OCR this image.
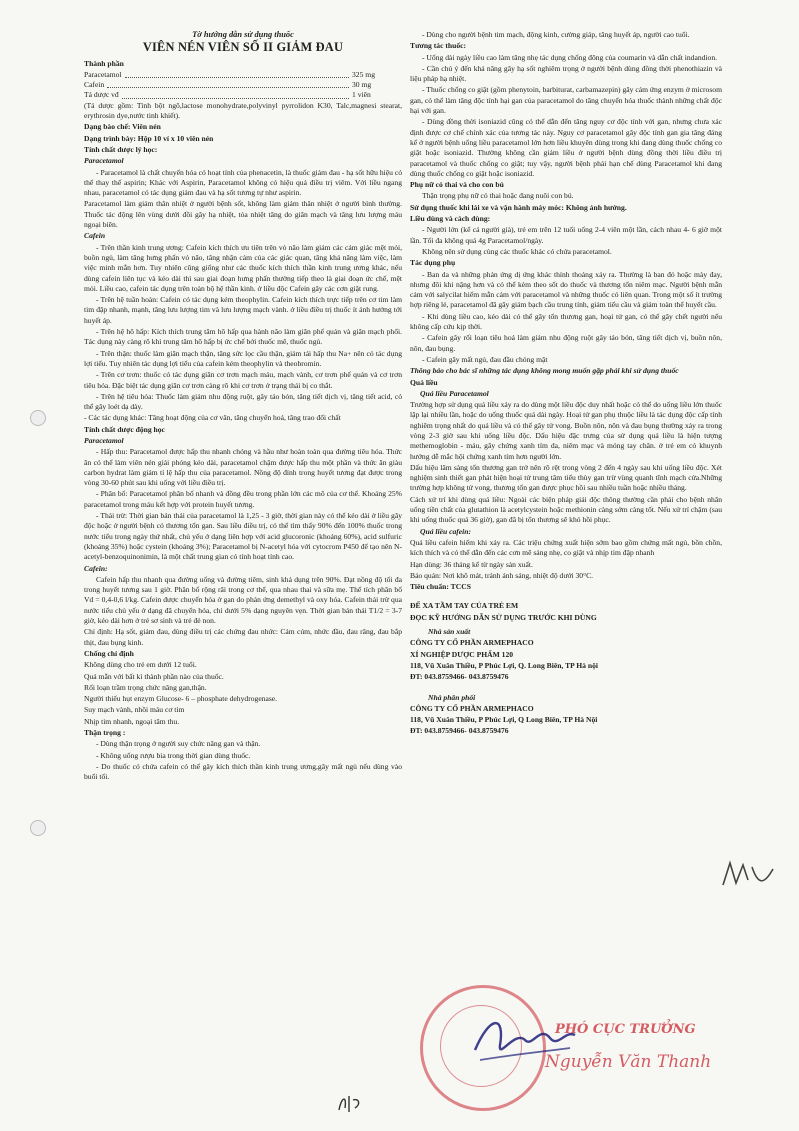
Tờ hướng dẫn sử dụng thuốc
VIÊN NÉN VIÊN SỐ II GIẢM ĐAU

Thành phần

Paracetamol	325 mg
Cafein	30 mg
Tá dược vđ	1 viên

(Tá dược gồm: Tinh bột ngô,lactose monohydrate,polyvinyl pyrrolidon K30, Talc,magnesi stearat, erythrosin dye,nước tinh khiết).

Dạng bào chế: Viên nén

Dạng trình bày: Hộp 10 vỉ x 10 viên nén

Tính chất dược lý học:

Paracetamol

- Paracetamol là chất chuyển hóa có hoạt tính của phenacetin, là thuốc giảm đau - hạ sốt hữu hiệu có thể thay thế aspirin; Khác với Aspirin, Paracetamol không có hiệu quả điều trị viêm. Với liều ngang nhau, paracetamol có tác dụng giảm đau và hạ sốt tương tự như aspirin.

Paracetamol làm giảm thân nhiệt ở người bệnh sốt, không làm giảm thân nhiệt ở người bình thường. Thuốc tác động lên vùng dưới đồi gây hạ nhiệt, tỏa nhiệt tăng do giãn mạch và tăng lưu lượng máu ngoại biên.

Cafein

- Trên thần kinh trung ương: Cafein kích thích ưu tiên trên vỏ não làm giảm các cảm giác mệt mỏi, buồn ngủ, làm tăng hưng phấn vỏ não, tăng nhận cảm của các giác quan, tăng khả năng làm việc, làm việc minh mẫn hơn. Tuy nhiên cũng giống như các thuốc kích thích thần kinh trung ương khác, nếu dùng cafein liên tục và kéo dài thì sau giai đoạn hưng phấn thường tiếp theo là giai đoạn ức chế, mệt mỏi. Liều cao, cafein tác dụng trên toàn bộ hệ thần kinh. ở liều độc Cafein gây các cơn giật rung.

- Trên hệ tuần hoàn: Cafein có tác dụng kém theophylin. Cafein kích thích trực tiếp trên cơ tim làm tim đập nhanh, mạnh, tăng lưu lượng tim và lưu lượng mạch vành. ở liều điều trị thuốc ít ảnh hưởng tới huyết áp.

- Trên hệ hô hấp: Kích thích trung tâm hô hấp qua hành não làm giãn phế quản và giãn mạch phổi. Tác dụng này càng rõ khi trung tâm hô hấp bị ức chế bởi thuốc mê, thuốc ngủ.

- Trên thận: thuốc làm giãn mạch thận, tăng sức lọc cầu thận, giảm tái hấp thu Na+ nên có tác dụng lợi tiểu. Tuy nhiên tác dụng lợi tiểu của cafein kém theophylin và theobromin.

- Trên cơ trơn: thuốc có tác dụng giãn cơ trơn mạch máu, mạch vành, cơ trơn phế quản và cơ trơn tiêu hóa. Đặc biệt tác dụng giãn cơ trơn càng rõ khi cơ trơn ở trạng thái bị co thắt.

- Trên hệ tiêu hóa: Thuốc làm giảm nhu động ruột, gây táo bón, tăng tiết dịch vị, tăng tiết acid, có thể gây loét dạ dày.

- Các tác dụng khác: Tăng hoạt động của cơ vân, tăng chuyển hoá, tăng trao đổi chất

Tính chất dược động học

Paracetamol

- Hấp thu: Paracetamol được hấp thu nhanh chóng và hầu như hoàn toàn qua đường tiêu hóa. Thức ăn có thể làm viên nén giải phóng kéo dài, paracetamol chậm được hấp thu một phần và thức ăn giàu carbon hydrat làm giảm tỉ lệ hấp thu của paracetamol. Nồng độ đỉnh trong huyết tương đạt được trong vòng 30-60 phút sau khi uống với liều điều trị.

- Phân bố: Paracetamol phân bố nhanh và đồng đều trong phần lớn các mô của cơ thể. Khoảng 25% paracetamol trong máu kết hợp với protein huyết tương.

- Thải trừ: Thời gian bán thải của paracetamol là 1,25 - 3 giờ, thời gian này có thể kéo dài ở liều gây độc hoặc ở người bệnh có thương tổn gan. Sau liều điều trị, có thể tìm thấy 90% đến 100% thuốc trong nước tiểu trong ngày thứ nhất, chủ yếu ở dạng liên hợp với acid glucoronic (khoảng 60%), acid sulfuric (khoảng 35%) hoặc cystein (khoảng 3%); Paracetamol bị N-acetyl hóa với cytocrom P450 để tạo nên N-acetyl-benzoquinonimin, là một chất trung gian có tính hoạt tính cao.

Cafein:

Cafein hấp thu nhanh qua đường uống và đường tiêm, sinh khả dụng trên 90%. Đạt nồng độ tối đa trong huyết tương sau 1 giờ. Phân bố rộng rãi trong cơ thể, qua nhau thai và sữa mẹ. Thể tích phân bố Vd = 0,4-0,6 l/kg. Cafein được chuyển hóa ở gan do phản ứng demethyl và oxy hóa. Cafein thải trừ qua nước tiểu chủ yếu ở dạng đã chuyển hóa, chỉ dưới 5% dạng nguyên vẹn. Thời gian bán thải T1/2 = 3-7 giờ, kéo dài hơn ở trẻ sơ sinh và trẻ đẻ non.

Chỉ định: Hạ sốt, giảm đau, dùng điều trị các chứng đau nhức: Cảm cúm, nhức đầu, đau răng, đau bắp thịt, đau bụng kinh.

Chống chỉ định

Không dùng cho trẻ em dưới 12 tuổi.

Quá mẫn với bất kì thành phần nào của thuốc.

Rối loạn trầm trọng chức năng gan,thận.

Người thiếu hụt enzym Glucose- 6 – phosphate dehydrogenase.

Suy mạch vành, nhồi máu cơ tim

Nhịp tim nhanh, ngoại tâm thu.

Thận trọng :

- Dùng thận trọng ở người suy chức năng gan và thận.

- Không uống rượu bia trong thời gian dùng thuốc.

- Do thuốc có chứa cafein có thể gây kích thích thần kinh trung ương,gây mất ngủ nếu dùng vào buổi tối.

- Dùng cho người bệnh tim mạch, động kinh, cường giáp, tăng huyết áp, người cao tuổi.

Tương tác thuốc:

- Uống dài ngày liều cao làm tăng nhẹ tác dụng chống đông của coumarin và dẫn chất indandion.

- Cần chú ý đến khả năng gây hạ sốt nghiêm trọng ở người bệnh dùng đồng thời phenothiazin và liệu pháp hạ nhiệt.

- Thuốc chống co giật (gồm phenytoin, barbiturat, carbamazepin) gây cảm ứng enzym ở microsom gan, có thể làm tăng độc tính hại gan của paracetamol do tăng chuyển hóa thuốc thành những chất độc hại với gan.

- Dùng đồng thời isoniazid cũng có thể dẫn đến tăng nguy cơ độc tính với gan, nhưng chưa xác định được cơ chế chính xác của tương tác này. Nguy cơ paracetamol gây độc tính gan gia tăng đáng kể ở người bệnh uống liều paracetamol lớn hơn liều khuyên dùng trong khi đang dùng thuốc chống co giật hoặc isoniazid. Thường không cần giảm liều ở người bệnh dùng đồng thời liều điều trị paracetamol và thuốc chống co giật; tuy vậy, người bệnh phải hạn chế dùng Paracetamol khi đang dùng thuốc chống co giật hoặc isoniazid.

Phụ nữ có thai và cho con bú

Thận trọng phụ nữ có thai hoặc đang nuôi con bú.

Sử dụng thuốc khi lái xe và vận hành máy móc: Không ảnh hưởng.

Liều dùng và cách dùng:

- Người lớn (kể cả người già), trẻ em trên 12 tuổi uống 2-4 viên một lần, cách nhau 4- 6 giờ một lần. Tối đa không quá 4g Paracetamol/ngày.

Không nên sử dụng cùng các thuốc khác có chứa paracetamol.

Tác dụng phụ

- Ban da và những phản ứng dị ứng khác thỉnh thoảng xảy ra. Thường là ban đỏ hoặc mày đay, nhưng đôi khi nặng hơn và có thể kèm theo sốt do thuốc và thương tổn niêm mạc. Người bệnh mẫn cảm với salycilat hiếm mẫn cảm với paracetamol và những thuốc có liên quan. Trong một số ít trường hợp riêng lẻ, paracetamol đã gây giảm bạch cầu trung tính, giảm tiểu cầu và giảm toàn thể huyết cầu.

- Khi dùng liều cao, kéo dài có thể gây tổn thương gan, hoại tử gan, có thể gây chết người nếu không cấp cứu kịp thời.

- Cafein gây rối loạn tiêu hoá làm giảm nhu động ruột gây táo bón, tăng tiết dịch vị, buồn nôn, nôn, đau bụng.

- Cafein gây mất ngủ, đau đầu chóng mặt

Thông báo cho bác sĩ những tác dụng không mong muốn gặp phải khi sử dụng thuốc

Quá liều

Quá liều Paracetamol

Trường hợp sử dụng quá liều xảy ra do dùng một liều độc duy nhất hoặc có thể do uống liều lớn thuốc lặp lại nhiều lần, hoặc do uống thuốc quá dài ngày. Hoại tử gan phụ thuộc liều là tác dụng độc cấp tính nghiêm trọng nhất do quá liều và có thể gây tử vong. Buồn nôn, nôn và đau bụng thường xảy ra trong vòng 2-3 giờ sau khi uống liều độc. Dấu hiệu đặc trưng của sử dụng quá liều là hiện tượng methemoglobin - máu, gây chứng xanh tím da, niêm mạc và móng tay chân. ở trẻ em có khuynh hướng dễ mắc hội chứng xanh tím hơn người lớn.

Dấu hiệu lâm sàng tổn thương gan trở nên rõ rệt trong vòng 2 đến 4 ngày sau khi uống liều độc. Xét nghiệm sinh thiết gan phát hiện hoại tử trung tâm tiểu thùy gan trừ vùng quanh tĩnh mạch cửa.Những trường hợp không tử vong, thương tổn gan được phục hồi sau nhiều tuần hoặc nhiều tháng.

Cách xử trí khi dùng quá liều: Ngoài các biện pháp giải độc thông thường cần phải cho bệnh nhân uống tiền chất của glutathion là acetylcystein hoặc methionin càng sớm càng tốt. Nếu xử trí chậm (sau khi uống thuốc quá 36 giờ), gan đã bị tổn thương sẽ khó hồi phục.

Quá liều cafein:

Quá liều cafein hiếm khi xảy ra. Các triệu chứng xuất hiện sớm bao gồm chứng mất ngủ, bồn chồn, kích thích và có thể dẫn đến các cơn mê sảng nhẹ, co giật và nhịp tim đập nhanh

Hạn dùng: 36 tháng kể từ ngày sản xuất.

Bảo quản: Nơi khô mát, tránh ánh sáng, nhiệt độ dưới 30°C.

Tiêu chuẩn: TCCS

ĐỂ XA TẦM TAY CỦA TRẺ EM

ĐỌC KỸ HƯỚNG DẪN SỬ DỤNG TRƯỚC KHI DÙNG

Nhà sản xuất

CÔNG TY CỔ PHẦN ARMEPHACO

XÍ NGHIỆP DƯỢC PHẨM 120

118, Vũ Xuân Thiều, P Phúc Lợi, Q. Long Biên, TP Hà nội

ĐT: 043.8759466- 043.8759476

Nhà phân phối

CÔNG TY CỔ PHẦN ARMEPHACO

118, Vũ Xuân Thiều, P Phúc Lợi, Q Long Biên, TP Hà Nội

ĐT: 043.8759466- 043.8759476

PHÓ CỤC TRƯỞNG
Nguyễn Văn Thanh
